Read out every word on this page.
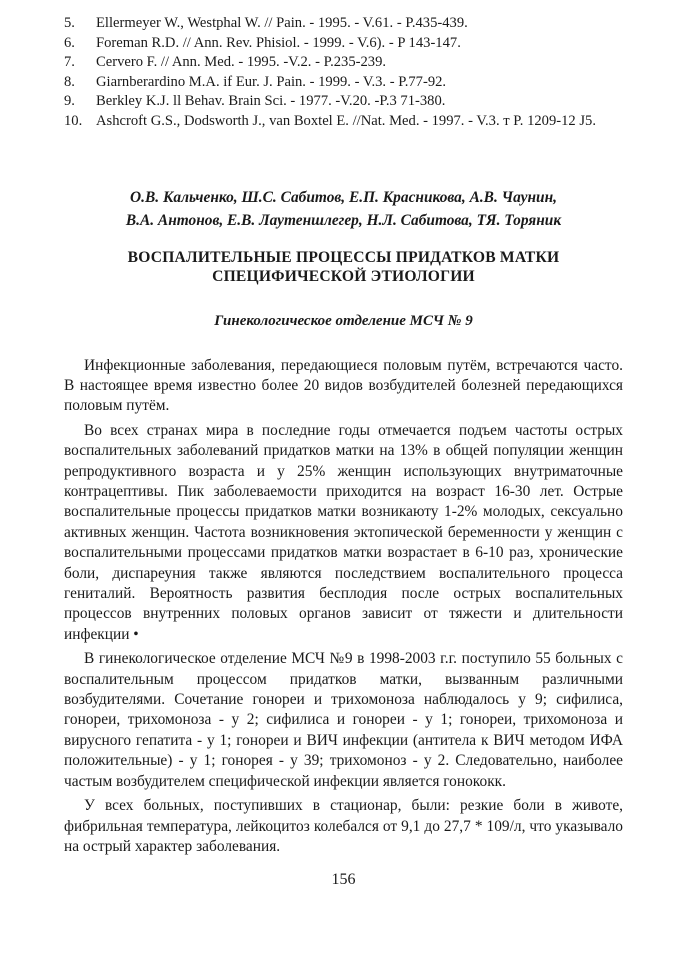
5.	Ellermeyer W., Westphal W. // Pain. - 1995. - V.61. - P.435-439.
6.	Foreman R.D. // Ann. Rev. Phisiol. - 1999. - V.6). - P 143-147.
7.	Cervero F. // Ann. Med. - 1995. -V.2. - P.235-239.
8.	Giarnberardino M.A. if Eur. J. Pain. - 1999. - V.3. - P.77-92.
9.	Berkley K.J. ll Behav. Brain Sci. - 1977. -V.20. -P.3 71-380.
10. Ashcroft G.S., Dodsworth J., van Boxtel E. //Nat. Med. - 1997. - V.3. т P. 1209-12 J5.
О.В. Кальченко, Ш.С. Сабитов, Е.П. Красникова, А.В. Чаунин,
В.А. Антонов, Е.В. Лаутеншлегер, Н.Л. Сабитова, ТЯ. Торяник
ВОСПАЛИТЕЛЬНЫЕ ПРОЦЕССЫ ПРИДАТКОВ МАТКИ
СПЕЦИФИЧЕСКОЙ ЭТИОЛОГИИ
Гинекологическое отделение МСЧ № 9

Инфекционные заболевания, передающиеся половым путём, встречаются часто. В настоящее время известно более 20 видов возбудителей болезней передающихся половым путём.

Во всех странах мира в последние годы отмечается подъем частоты острых воспалительных заболеваний придатков матки на 13% в общей популяции женщин репродуктивного возраста и у 25% женщин использующих внутриматочные контрацептивы. Пик заболеваемости приходится на возраст 16-30 лет. Острые воспалительные процессы придатков матки возникаюту 1-2% молодых, сексуально активных женщин. Частота возникновения эктопической беременности у женщин с воспалительными процессами придатков матки возрастает в 6-10 раз, хронические боли, диспареуния также являются последствием воспалительного процесса гениталий. Вероятность развития бесплодия после острых воспалительных процессов внутренних половых органов зависит от тяжести и длительности инфекции •

В гинекологическое отделение МСЧ №9 в 1998-2003 г.г. поступило 55 больных с воспалительным процессом придатков матки, вызванным различными возбудителями. Сочетание гонореи и трихомоноза наблюдалось у 9; сифилиса, гонореи, трихомоноза - у 2; сифилиса и гонореи - у 1; гонореи, трихомоноза и вирусного гепатита - у 1; гонореи и ВИЧ инфекции (антитела к ВИЧ методом ИФА положительные) - у 1; гонорея - у 39; трихомоноз - у 2. Следовательно, наиболее частым возбудителем специфической инфекции является гонококк.

У всех больных, поступивших в стационар, были: резкие боли в животе, фибрильная температура, лейкоцитоз колебался от 9,1 до 27,7 * 109/л, что указывало на острый характер заболевания.

156
